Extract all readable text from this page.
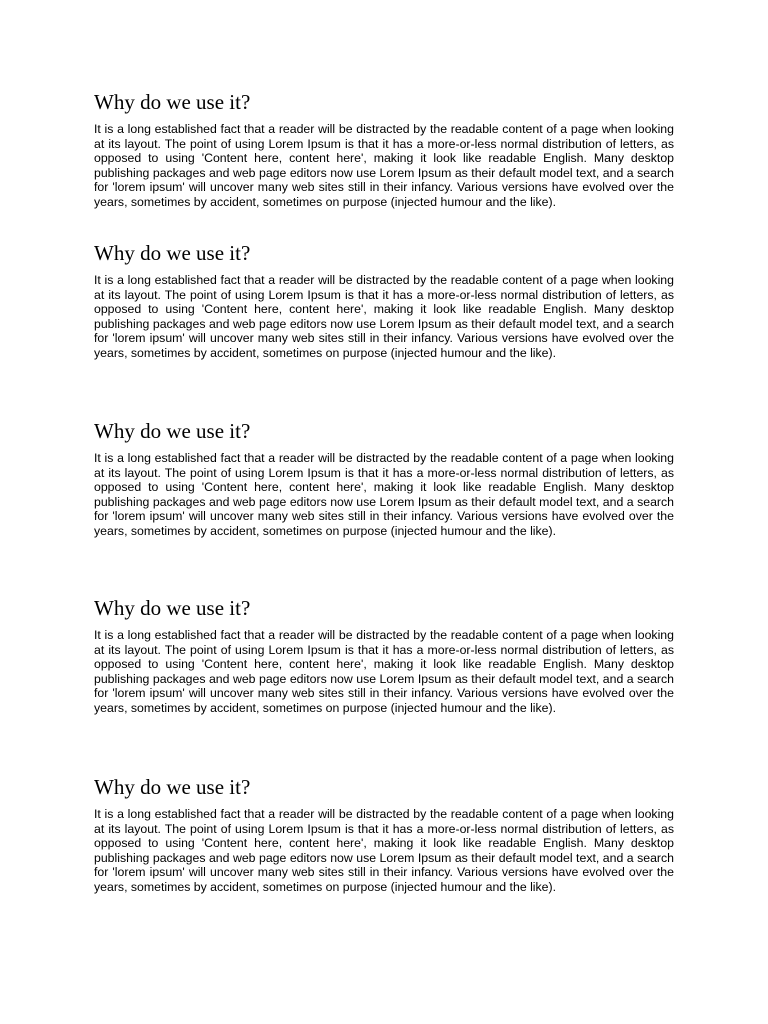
Why do we use it?

It is a long established fact that a reader will be distracted by the readable content of a page when looking at its layout. The point of using Lorem Ipsum is that it has a more-or-less normal distribution of letters, as opposed to using 'Content here, content here', making it look like readable English. Many desktop publishing packages and web page editors now use Lorem Ipsum as their default model text, and a search for 'lorem ipsum' will uncover many web sites still in their infancy. Various versions have evolved over the years, sometimes by accident, sometimes on purpose (injected humour and the like).

Why do we use it?

It is a long established fact that a reader will be distracted by the readable content of a page when looking at its layout. The point of using Lorem Ipsum is that it has a more-or-less normal distribution of letters, as opposed to using 'Content here, content here', making it look like readable English. Many desktop publishing packages and web page editors now use Lorem Ipsum as their default model text, and a search for 'lorem ipsum' will uncover many web sites still in their infancy. Various versions have evolved over the years, sometimes by accident, sometimes on purpose (injected humour and the like).

Why do we use it?

It is a long established fact that a reader will be distracted by the readable content of a page when looking at its layout. The point of using Lorem Ipsum is that it has a more-or-less normal distribution of letters, as opposed to using 'Content here, content here', making it look like readable English. Many desktop publishing packages and web page editors now use Lorem Ipsum as their default model text, and a search for 'lorem ipsum' will uncover many web sites still in their infancy. Various versions have evolved over the years, sometimes by accident, sometimes on purpose (injected humour and the like).

Why do we use it?

It is a long established fact that a reader will be distracted by the readable content of a page when looking at its layout. The point of using Lorem Ipsum is that it has a more-or-less normal distribution of letters, as opposed to using 'Content here, content here', making it look like readable English. Many desktop publishing packages and web page editors now use Lorem Ipsum as their default model text, and a search for 'lorem ipsum' will uncover many web sites still in their infancy. Various versions have evolved over the years, sometimes by accident, sometimes on purpose (injected humour and the like).

Why do we use it?

It is a long established fact that a reader will be distracted by the readable content of a page when looking at its layout. The point of using Lorem Ipsum is that it has a more-or-less normal distribution of letters, as opposed to using 'Content here, content here', making it look like readable English. Many desktop publishing packages and web page editors now use Lorem Ipsum as their default model text, and a search for 'lorem ipsum' will uncover many web sites still in their infancy. Various versions have evolved over the years, sometimes by accident, sometimes on purpose (injected humour and the like).
